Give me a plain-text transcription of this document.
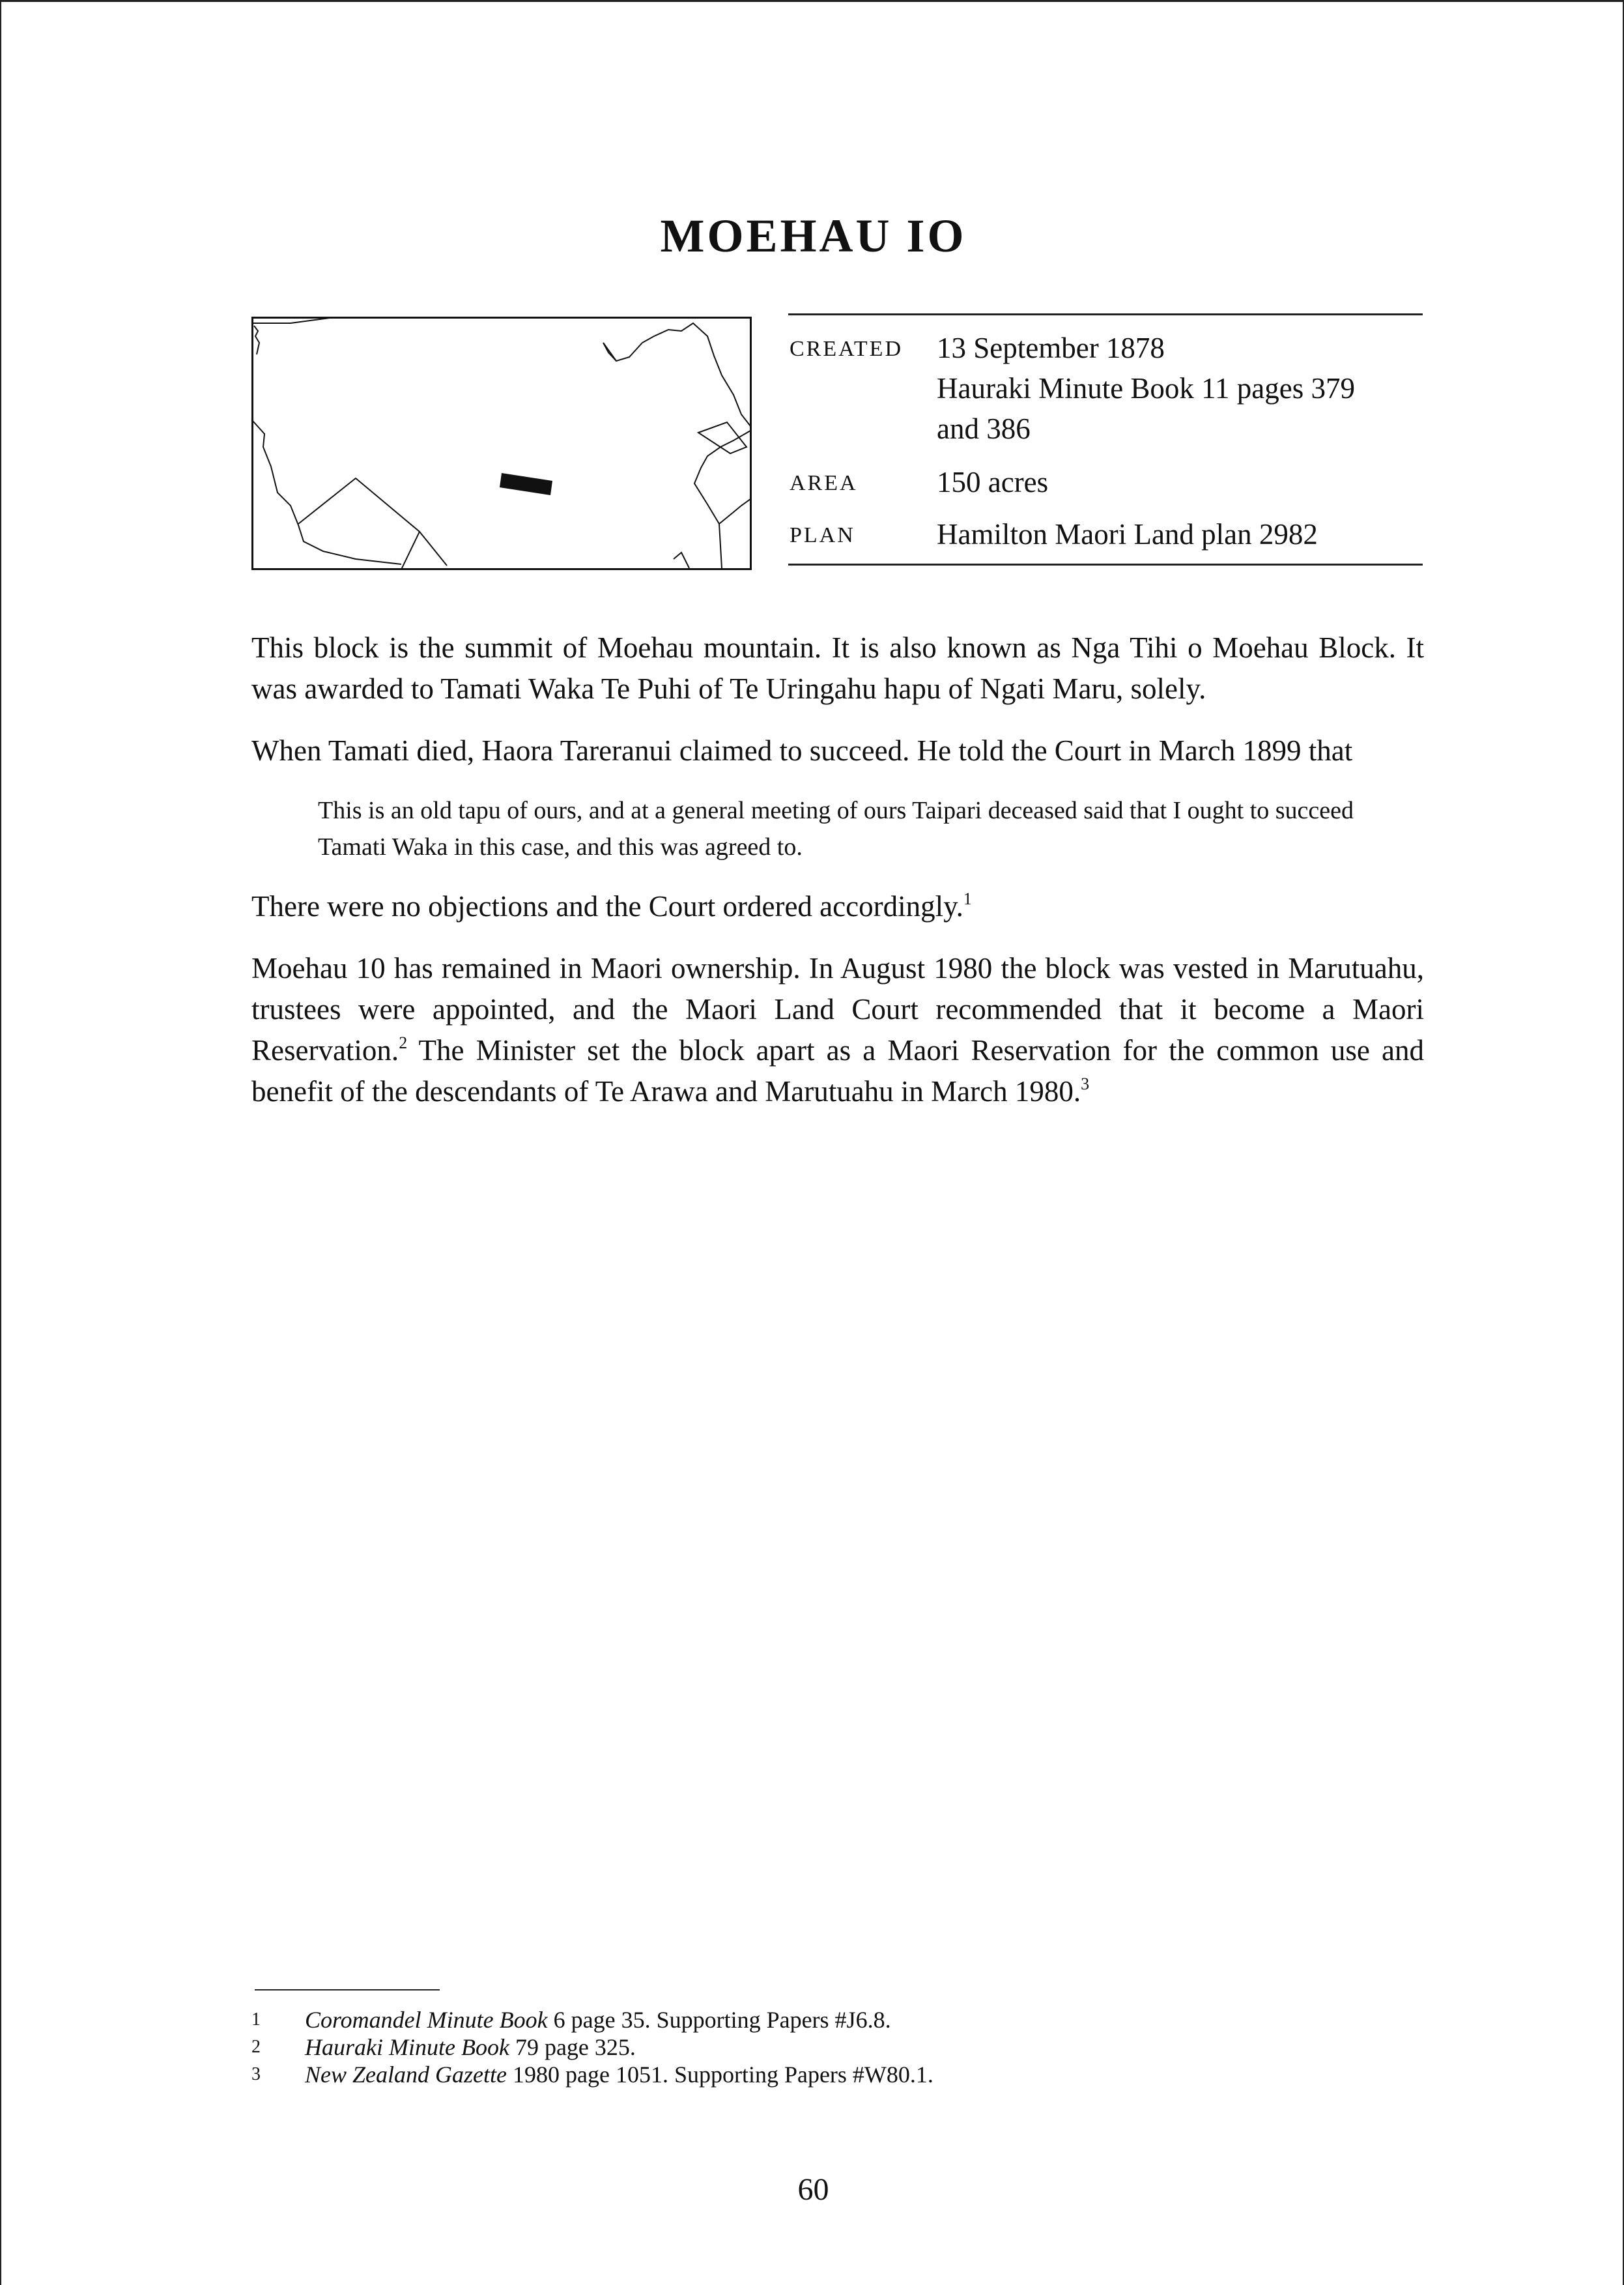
MOEHAU IO
CREATED 13 September 1878
Hauraki Minute Book 11 pages 379
and 386
AREA	150 acres
PLAN	Hamilton Maori Land plan 2982

This block is the summit of Moehau mountain. It is also known as Nga Tihi o Moehau Block. It was awarded to Tamati Waka Te Puhi of Te Uringahu hapu of Ngati Maru, solely.

When Tamati died, Haora Tareranui claimed to succeed. He told the Court in March 1899 that

This is an old tapu of ours, and at a general meeting of ours Taipari deceased said that I ought to succeed Tamati Waka in this case, and this was agreed to.

There were no objections and the Court ordered accordingly.$^1$

Moehau 10 has remained in Maori ownership. In August 1980 the block was vested in Marutuahu, trustees were appointed, and the Maori Land Court recommended that it become a Maori Reservation.$^2$ The Minister set the block apart as a Maori Reservation for the common use and benefit of the descendants of Te Arawa and Marutuahu in March 1980.$^3$

1	Coromandel Minute Book 6 page 35. Supporting Papers #J6.8.
2	Hauraki Minute Book 79 page 325.
3	New Zealand Gazette 1980 page 1051. Supporting Papers #W80.1.
60
